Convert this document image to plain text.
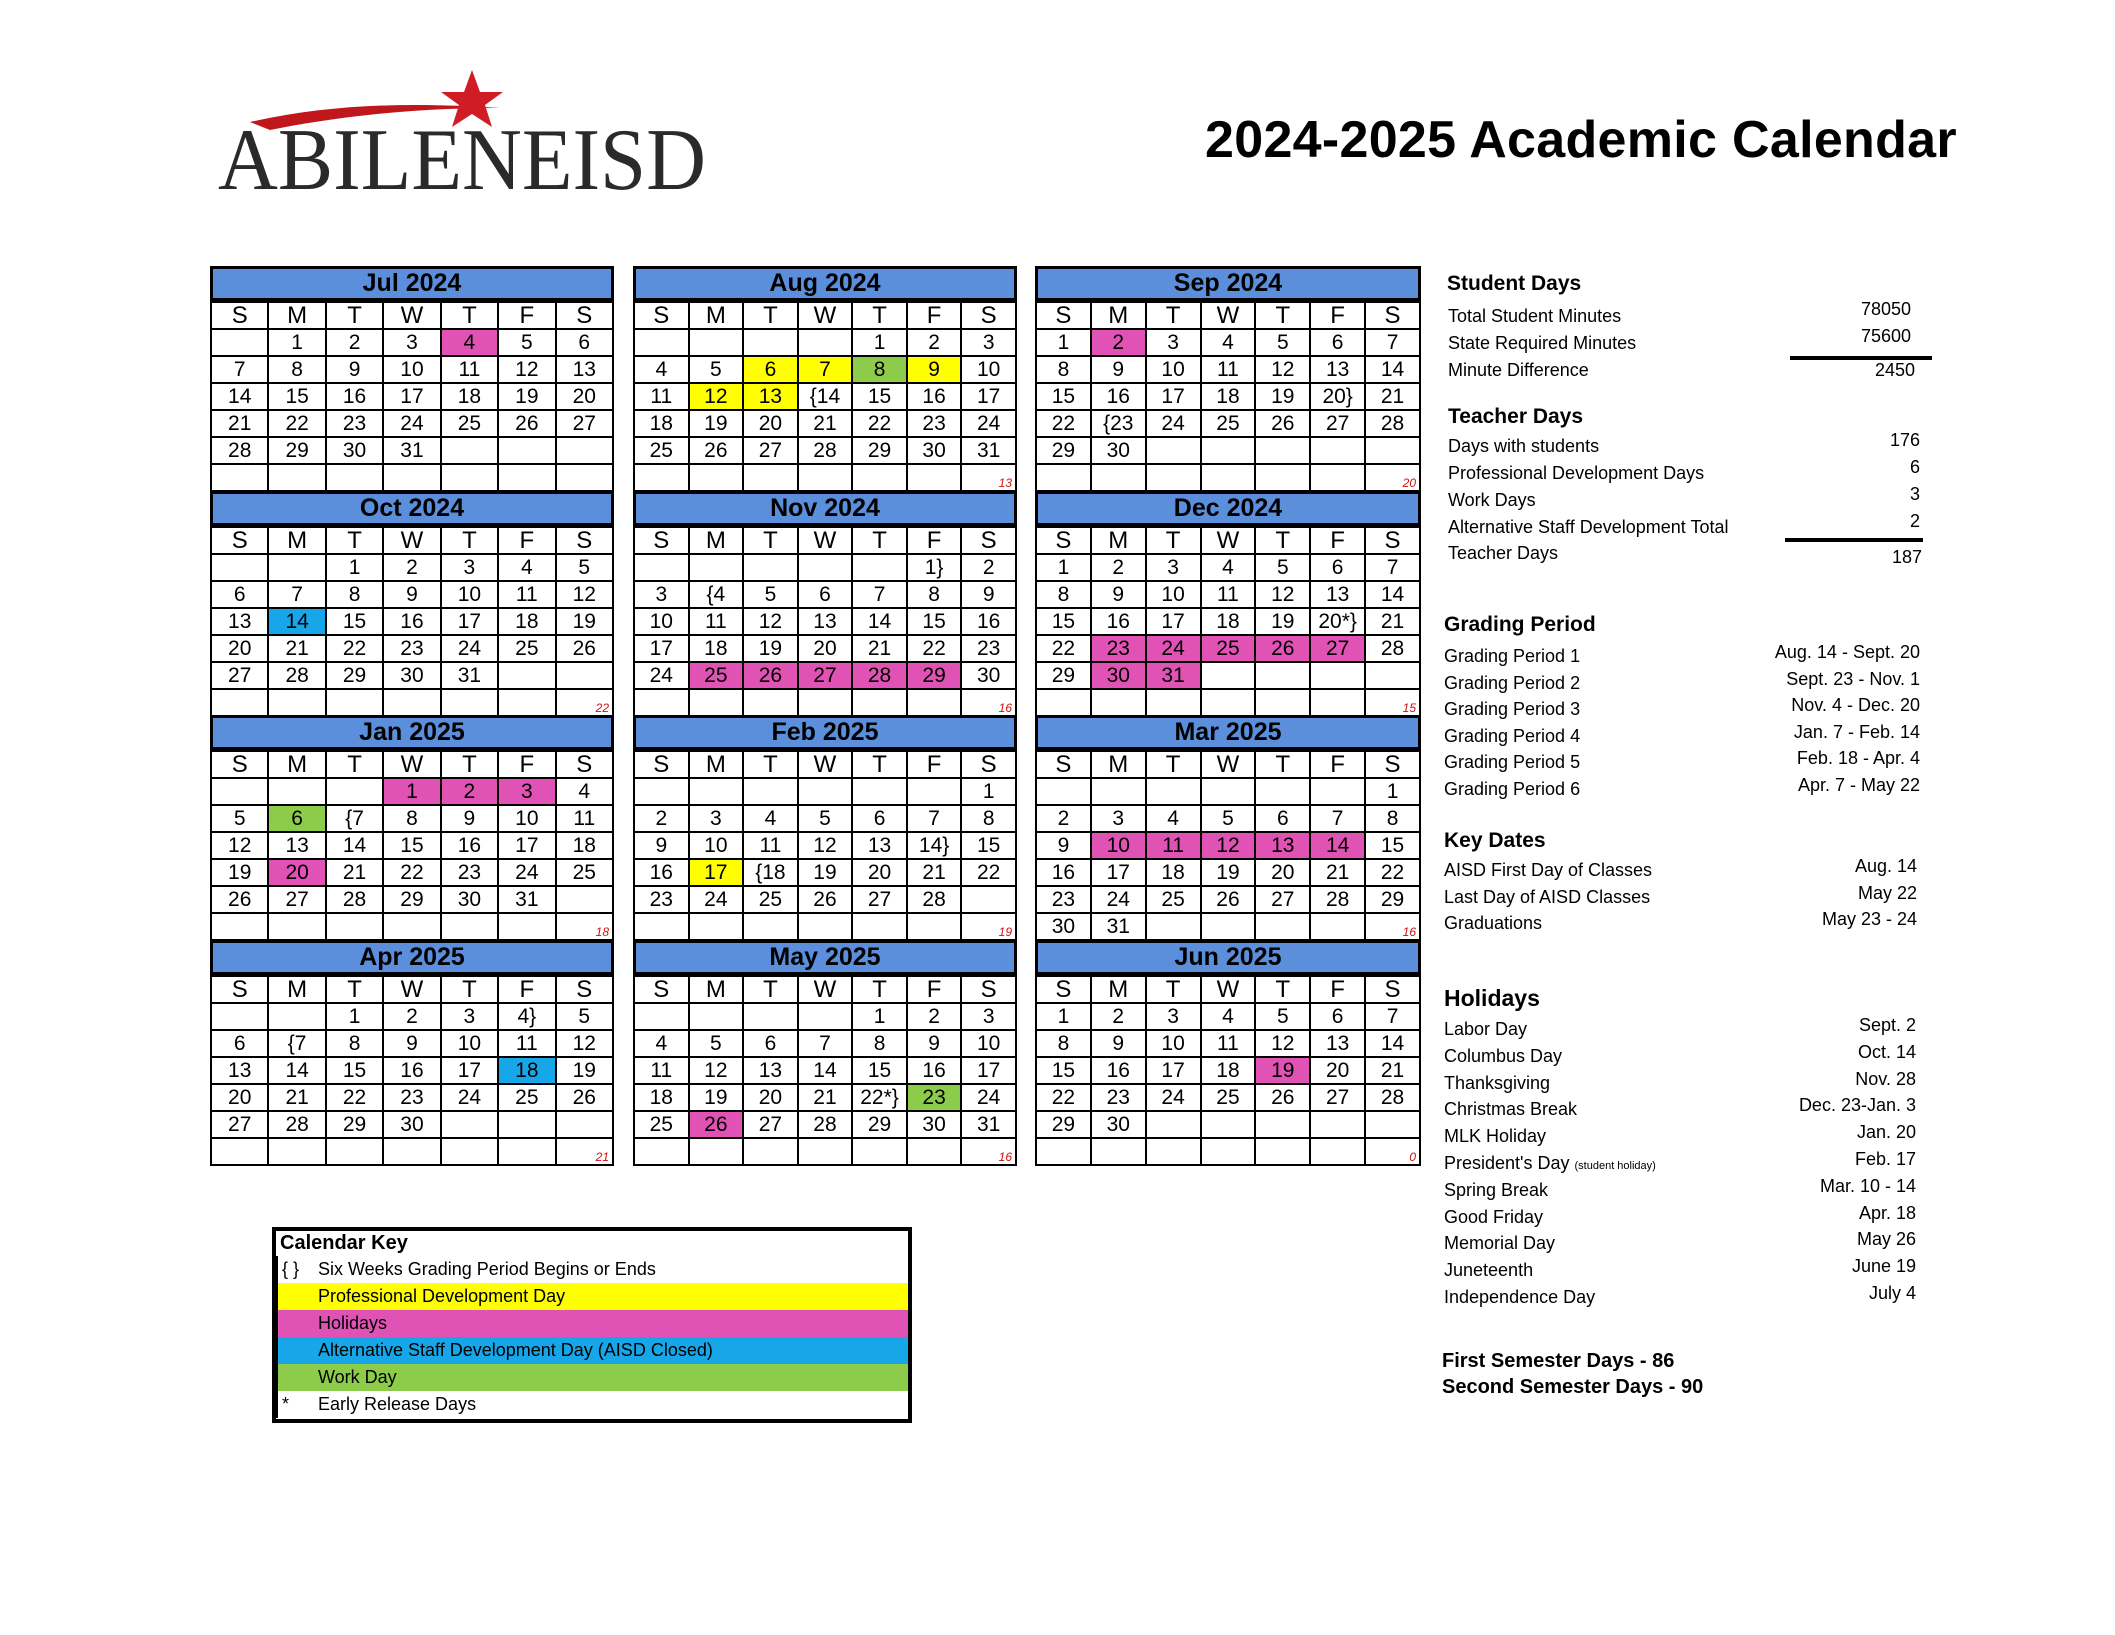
ABILENEISD	2024-2025 Academic Calendar
Jul 2024
S	M	T	W	T	F	S
	1	2	3	4	5	6
7	8	9	10	11	12	13
14	15	16	17	18	19	20
21	22	23	24	25	26	27
28	29	30	31			

Aug 2024
S	M	T	W	T	F	S
				1	2	3
4	5	6	7	8	9	10
11	12	13	{14	15	16	17
18	19	20	21	22	23	24
25	26	27	28	29	30	31

						13
Sep 2024
S	M	T	W	T	F	S
1	2	3	4	5	6	7
8	9	10	11	12	13	14
15	16	17	18	19	20}	21
22	{23	24	25	26	27	28
29	30					

						20
Oct 2024
S	M	T	W	T	F	S
		1	2	3	4	5
6	7	8	9	10	11	12
13	14	15	16	17	18	19
20	21	22	23	24	25	26
27	28	29	30	31		

						22
Nov 2024
S	M	T	W	T	F	S
					1}	2
3	{4	5	6	7	8	9
10	11	12	13	14	15	16
17	18	19	20	21	22	23
24	25	26	27	28	29	30

						16
Dec 2024
S	M	T	W	T	F	S
1	2	3	4	5	6	7
8	9	10	11	12	13	14
15	16	17	18	19	20*}	21
22	23	24	25	26	27	28
29	30	31				

						15
Jan 2025
S	M	T	W	T	F	S
			1	2	3	4
5	6	{7	8	9	10	11
12	13	14	15	16	17	18
19	20	21	22	23	24	25
26	27	28	29	30	31	

						18
Feb 2025
S	M	T	W	T	F	S
						1
2	3	4	5	6	7	8
9	10	11	12	13	14}	15
16	17	{18	19	20	21	22
23	24	25	26	27	28	

						19
Mar 2025
S	M	T	W	T	F	S
						1
2	3	4	5	6	7	8
9	10	11	12	13	14	15
16	17	18	19	20	21	22
23	24	25	26	27	28	29
30	31					16
Apr 2025
S	M	T	W	T	F	S
		1	2	3	4}	5
6	{7	8	9	10	11	12
13	14	15	16	17	18	19
20	21	22	23	24	25	26
27	28	29	30			

						21
May 2025
S	M	T	W	T	F	S
				1	2	3
4	5	6	7	8	9	10
11	12	13	14	15	16	17
18	19	20	21	22*}	23	24
25	26	27	28	29	30	31

						16
Jun 2025
S	M	T	W	T	F	S
1	2	3	4	5	6	7
8	9	10	11	12	13	14
15	16	17	18	19	20	21
22	23	24	25	26	27	28
29	30					

						0
Student Days
Total Student Minutes	78050
State Required Minutes	75600
Minute Difference	2450
Teacher Days
Days with students	176
Professional Development Days	6
Work Days	3
Alternative Staff Development Total	2
Teacher Days	187
Grading Period
Grading Period 1	Aug. 14 - Sept. 20
Grading Period 2	Sept. 23 - Nov. 1
Grading Period 3	Nov. 4 - Dec. 20
Grading Period 4	Jan. 7 - Feb. 14
Grading Period 5	Feb. 18 - Apr. 4
Grading Period 6	Apr. 7 - May 22
Key Dates
AISD First Day of Classes	Aug. 14
Last Day of AISD Classes	May 22
Graduations	May 23 - 24
Holidays
Labor Day	Sept. 2
Columbus Day	Oct. 14
Thanksgiving	Nov. 28
Christmas Break	Dec. 23-Jan. 3
MLK Holiday	Jan. 20
President's Day (student holiday)	Feb. 17
Spring Break	Mar. 10 - 14
Good Friday	Apr. 18
Memorial Day	May 26
Juneteenth	June 19
Independence Day	July 4
First Semester Days - 86
Second Semester Days - 90
Calendar Key
{ } Six Weeks Grading Period Begins or Ends
Professional Development Day
Holidays
Alternative Staff Development Day (AISD Closed)
Work Day
* Early Release Days
